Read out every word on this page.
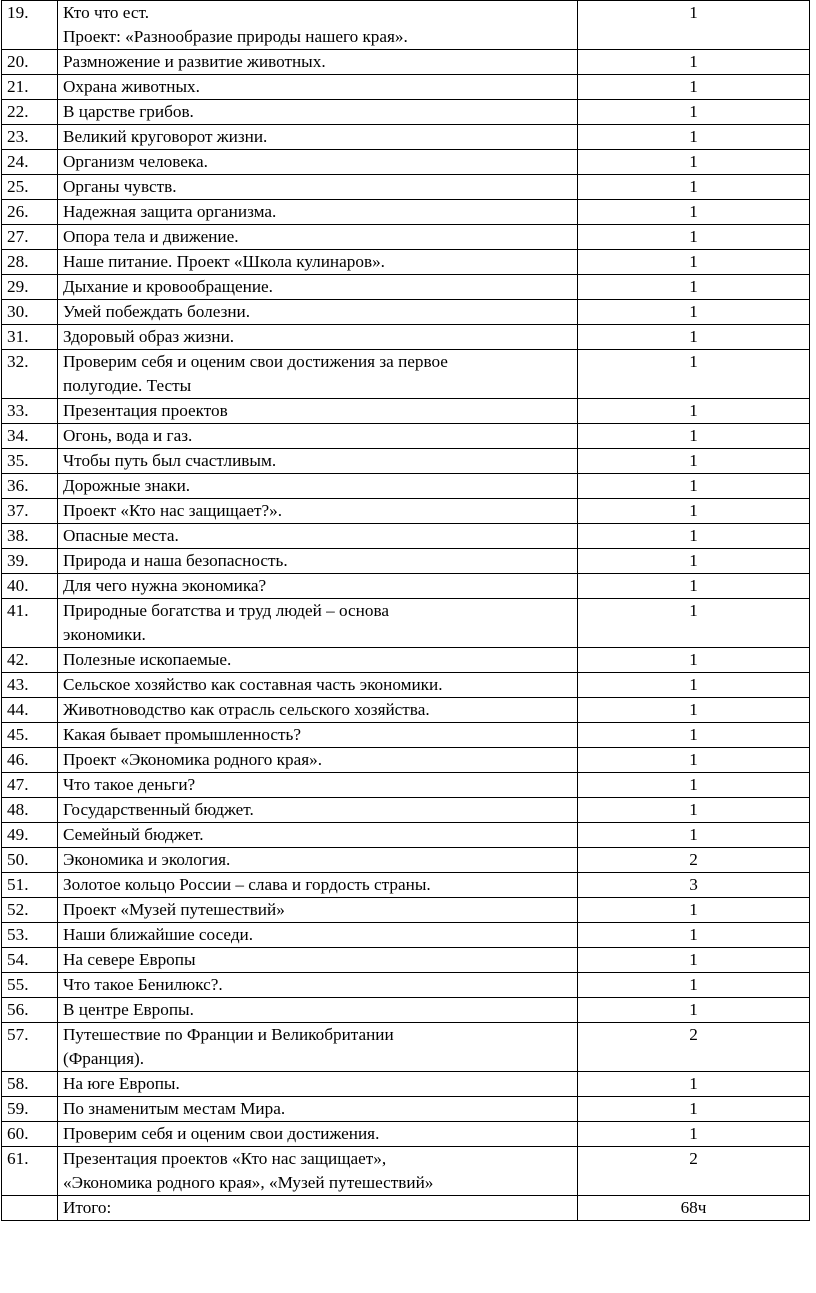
19.	Кто что ест.
Проект: «Разнообразие природы нашего края».	1
20.	Размножение и развитие животных.	1
21.	Охрана животных.	1
22.	В царстве грибов.	1
23.	Великий круговорот жизни.	1
24.	Организм человека.	1
25.	Органы чувств.	1
26.	Надежная защита организма.	1
27.	Опора тела и движение.	1
28.	Наше питание. Проект «Школа кулинаров».	1
29.	Дыхание и кровообращение.	1
30.	Умей побеждать болезни.	1
31.	Здоровый образ жизни.	1
32.	Проверим себя и оценим свои достижения за первое
полугодие. Тесты	1
33.	Презентация проектов	1
34.	Огонь, вода и газ.	1
35.	Чтобы путь был счастливым.	1
36.	Дорожные знаки.	1
37.	Проект «Кто нас защищает?».	1
38.	Опасные места.	1
39.	Природа и наша безопасность.	1
40.	Для чего нужна экономика?	1
41.	Природные богатства и труд людей – основа
экономики.	1
42.	Полезные ископаемые.	1
43.	Сельское хозяйство как составная часть экономики.	1
44.	Животноводство как отрасль сельского хозяйства.	1
45.	Какая бывает промышленность?	1
46.	Проект «Экономика родного края».	1
47.	Что такое деньги?	1
48.	Государственный бюджет.	1
49.	Семейный бюджет.	1
50.	Экономика и экология.	2
51.	Золотое кольцо России – слава и гордость страны.	3
52.	Проект «Музей путешествий»	1
53.	Наши ближайшие соседи.	1
54.	На севере Европы	1
55.	Что такое Бенилюкс?.	1
56.	В центре Европы.	1
57.	Путешествие по Франции и Великобритании
(Франция).	2
58.	На юге Европы.	1
59.	По знаменитым местам Мира.	1
60.	Проверим себя и оценим свои достижения.	1
61.	Презентация проектов «Кто нас защищает»,
«Экономика родного края», «Музей путешествий»	2
	Итого:	68ч
